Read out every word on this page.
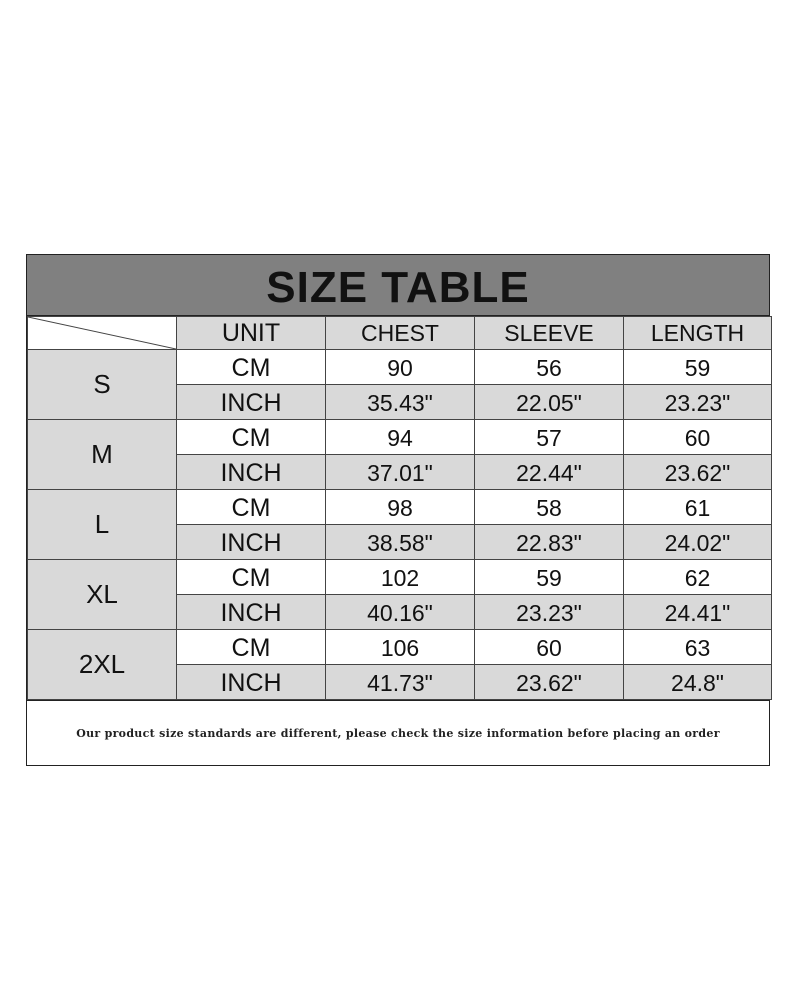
SIZE TABLE
	UNIT	CHEST	SLEEVE	LENGTH
S	CM	90	56	59
	INCH	35.43"	22.05"	23.23"
M	CM	94	57	60
	INCH	37.01"	22.44"	23.62"
L	CM	98	58	61
	INCH	38.58"	22.83"	24.02"
XL	CM	102	59	62
	INCH	40.16"	23.23"	24.41"
2XL	CM	106	60	63
	INCH	41.73"	23.62"	24.8"
Our product size standards are different, please check the size information before placing an order
